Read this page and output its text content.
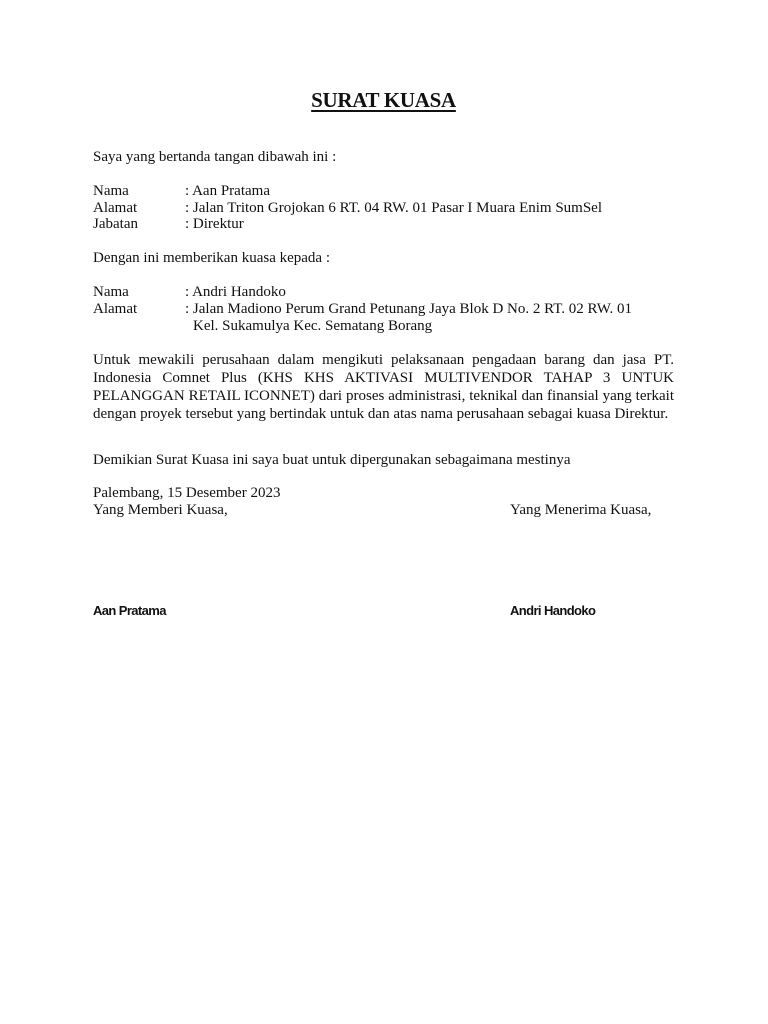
SURAT KUASA
Saya yang bertanda tangan dibawah ini :
Nama	: Aan Pratama
Alamat	: Jalan Triton Grojokan 6 RT. 04 RW. 01 Pasar I Muara Enim SumSel
Jabatan	: Direktur
Dengan ini memberikan kuasa kepada :
Nama	: Andri Handoko
Alamat	: Jalan Madiono Perum Grand Petunang Jaya Blok D No. 2 RT. 02 RW. 01
Kel. Sukamulya Kec. Sematang Borang
Untuk mewakili perusahaan dalam mengikuti pelaksanaan pengadaan barang dan jasa PT. Indonesia Comnet Plus (KHS KHS AKTIVASI MULTIVENDOR TAHAP 3 UNTUK PELANGGAN RETAIL ICONNET) dari proses administrasi, teknikal dan finansial yang terkait dengan proyek tersebut yang bertindak untuk dan atas nama perusahaan sebagai kuasa Direktur.
Demikian Surat Kuasa ini saya buat untuk dipergunakan sebagaimana mestinya
Palembang, 15 Desember 2023
Yang Memberi Kuasa,	Yang Menerima Kuasa,
Aan Pratama	Andri Handoko
